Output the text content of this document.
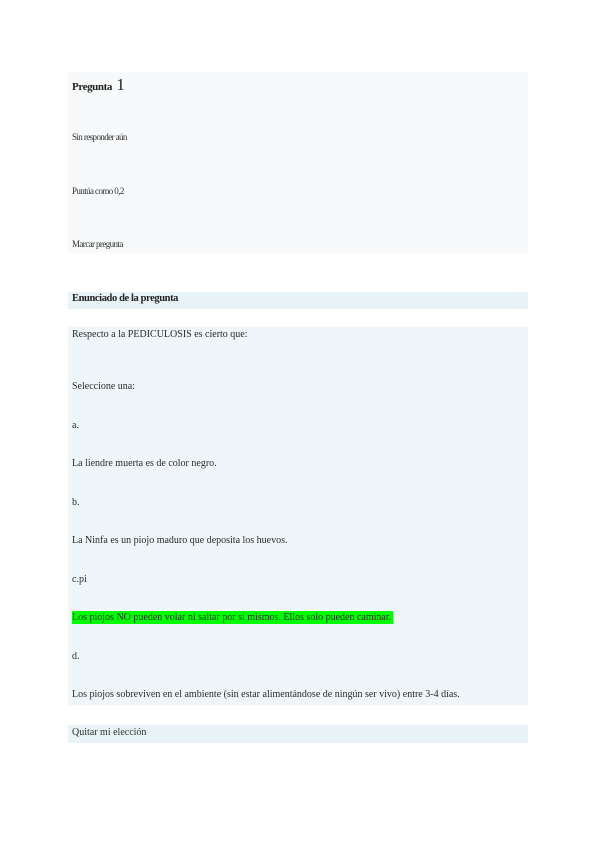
Pregunta 1
Sin responder aún
Puntúa como 0,2
Marcar pregunta
Enunciado de la pregunta
Respecto a la PEDICULOSIS es cierto que:
Seleccione una:
a.
La liendre muerta es de color negro.
b.
La Ninfa es un piojo maduro que deposita los huevos.
c.pi
Los piojos NO pueden volar ni saltar por sí mismos. Ellos solo pueden caminar.
d.
Los piojos sobreviven en el ambiente (sin estar alimentándose de ningún ser vivo) entre 3-4 días.
Quitar mi elección
